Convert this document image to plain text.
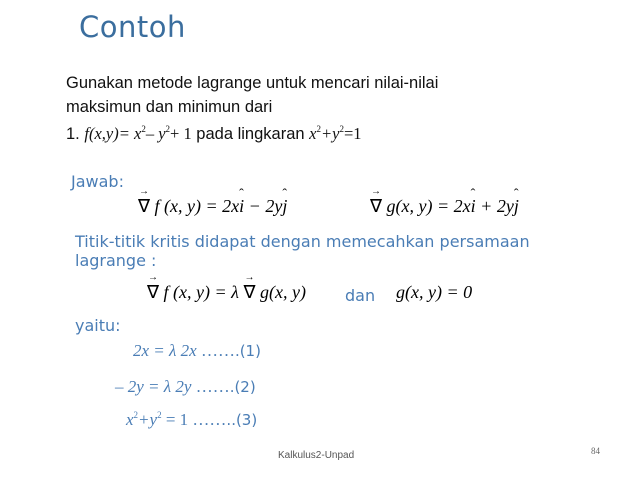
Contoh
Gunakan metode lagrange untuk mencari nilai-nilai
maksimun dan minimun dari
1. $f(x,y)= x^2-$ $y^2+ 1$ pada lingkaran $x^2+y^2=1$
Jawab:
→ ∇ f (x, y) = 2xˆ i − 2yˆ j	→ ∇ g(x, y) = 2xˆ i + 2yˆ j
Titik-titik kritis didapat dengan memecahkan persamaan
lagrange :
→ ∇ f (x, y) = λ → ∇ g(x, y) dan g(x, y) = 0
yaitu:
2x = λ 2x …….(1)
– 2y = λ 2y …….(2)
$x^2+y^2 = 1$ ……..(3)
Kalkulus2-Unpad	84
